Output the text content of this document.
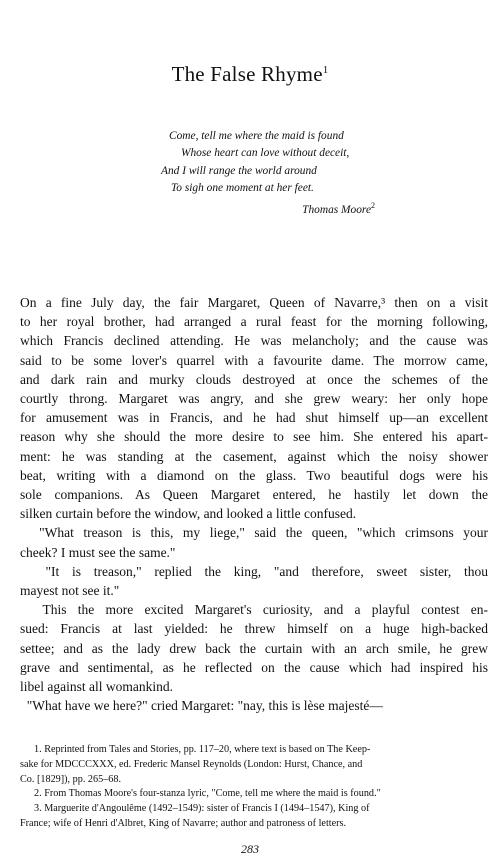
The False Rhyme$^1$
Come, tell me where the maid is found
Whose heart can love without deceit,
And I will range the world around
To sigh one moment at her feet.
Thomas Moore$^2$
On a fine July day, the fair Margaret, Queen of Navarre,³ then on a visit
to her royal brother, had arranged a rural feast for the morning following,
which Francis declined attending. He was melancholy; and the cause was
said to be some lover's quarrel with a favourite dame. The morrow came,
and dark rain and murky clouds destroyed at once the schemes of the
courtly throng. Margaret was angry, and she grew weary: her only hope
for amusement was in Francis, and he had shut himself up—an excellent
reason why she should the more desire to see him. She entered his apart-
ment: he was standing at the casement, against which the noisy shower
beat, writing with a diamond on the glass. Two beautiful dogs were his
sole companions. As Queen Margaret entered, he hastily let down the
silken curtain before the window, and looked a little confused.
"What treason is this, my liege," said the queen, "which crimsons your
cheek? I must see the same."
"It is treason," replied the king, "and therefore, sweet sister, thou
mayest not see it."
This the more excited Margaret's curiosity, and a playful contest en-
sued: Francis at last yielded: he threw himself on a huge high-backed
settee; and as the lady drew back the curtain with an arch smile, he grew
grave and sentimental, as he reflected on the cause which had inspired his
libel against all womankind.
"What have we here?" cried Margaret: "nay, this is lèse majesté—
1. Reprinted from Tales and Stories, pp. 117–20, where text is based on The Keep-
sake for MDCCCXXX, ed. Frederic Mansel Reynolds (London: Hurst, Chance, and
Co. [1829]), pp. 265–68.
2. From Thomas Moore's four-stanza lyric, "Come, tell me where the maid is found."
3. Marguerite d'Angoulême (1492–1549): sister of Francis I (1494–1547), King of
France; wife of Henri d'Albret, King of Navarre; author and patroness of letters.
283
